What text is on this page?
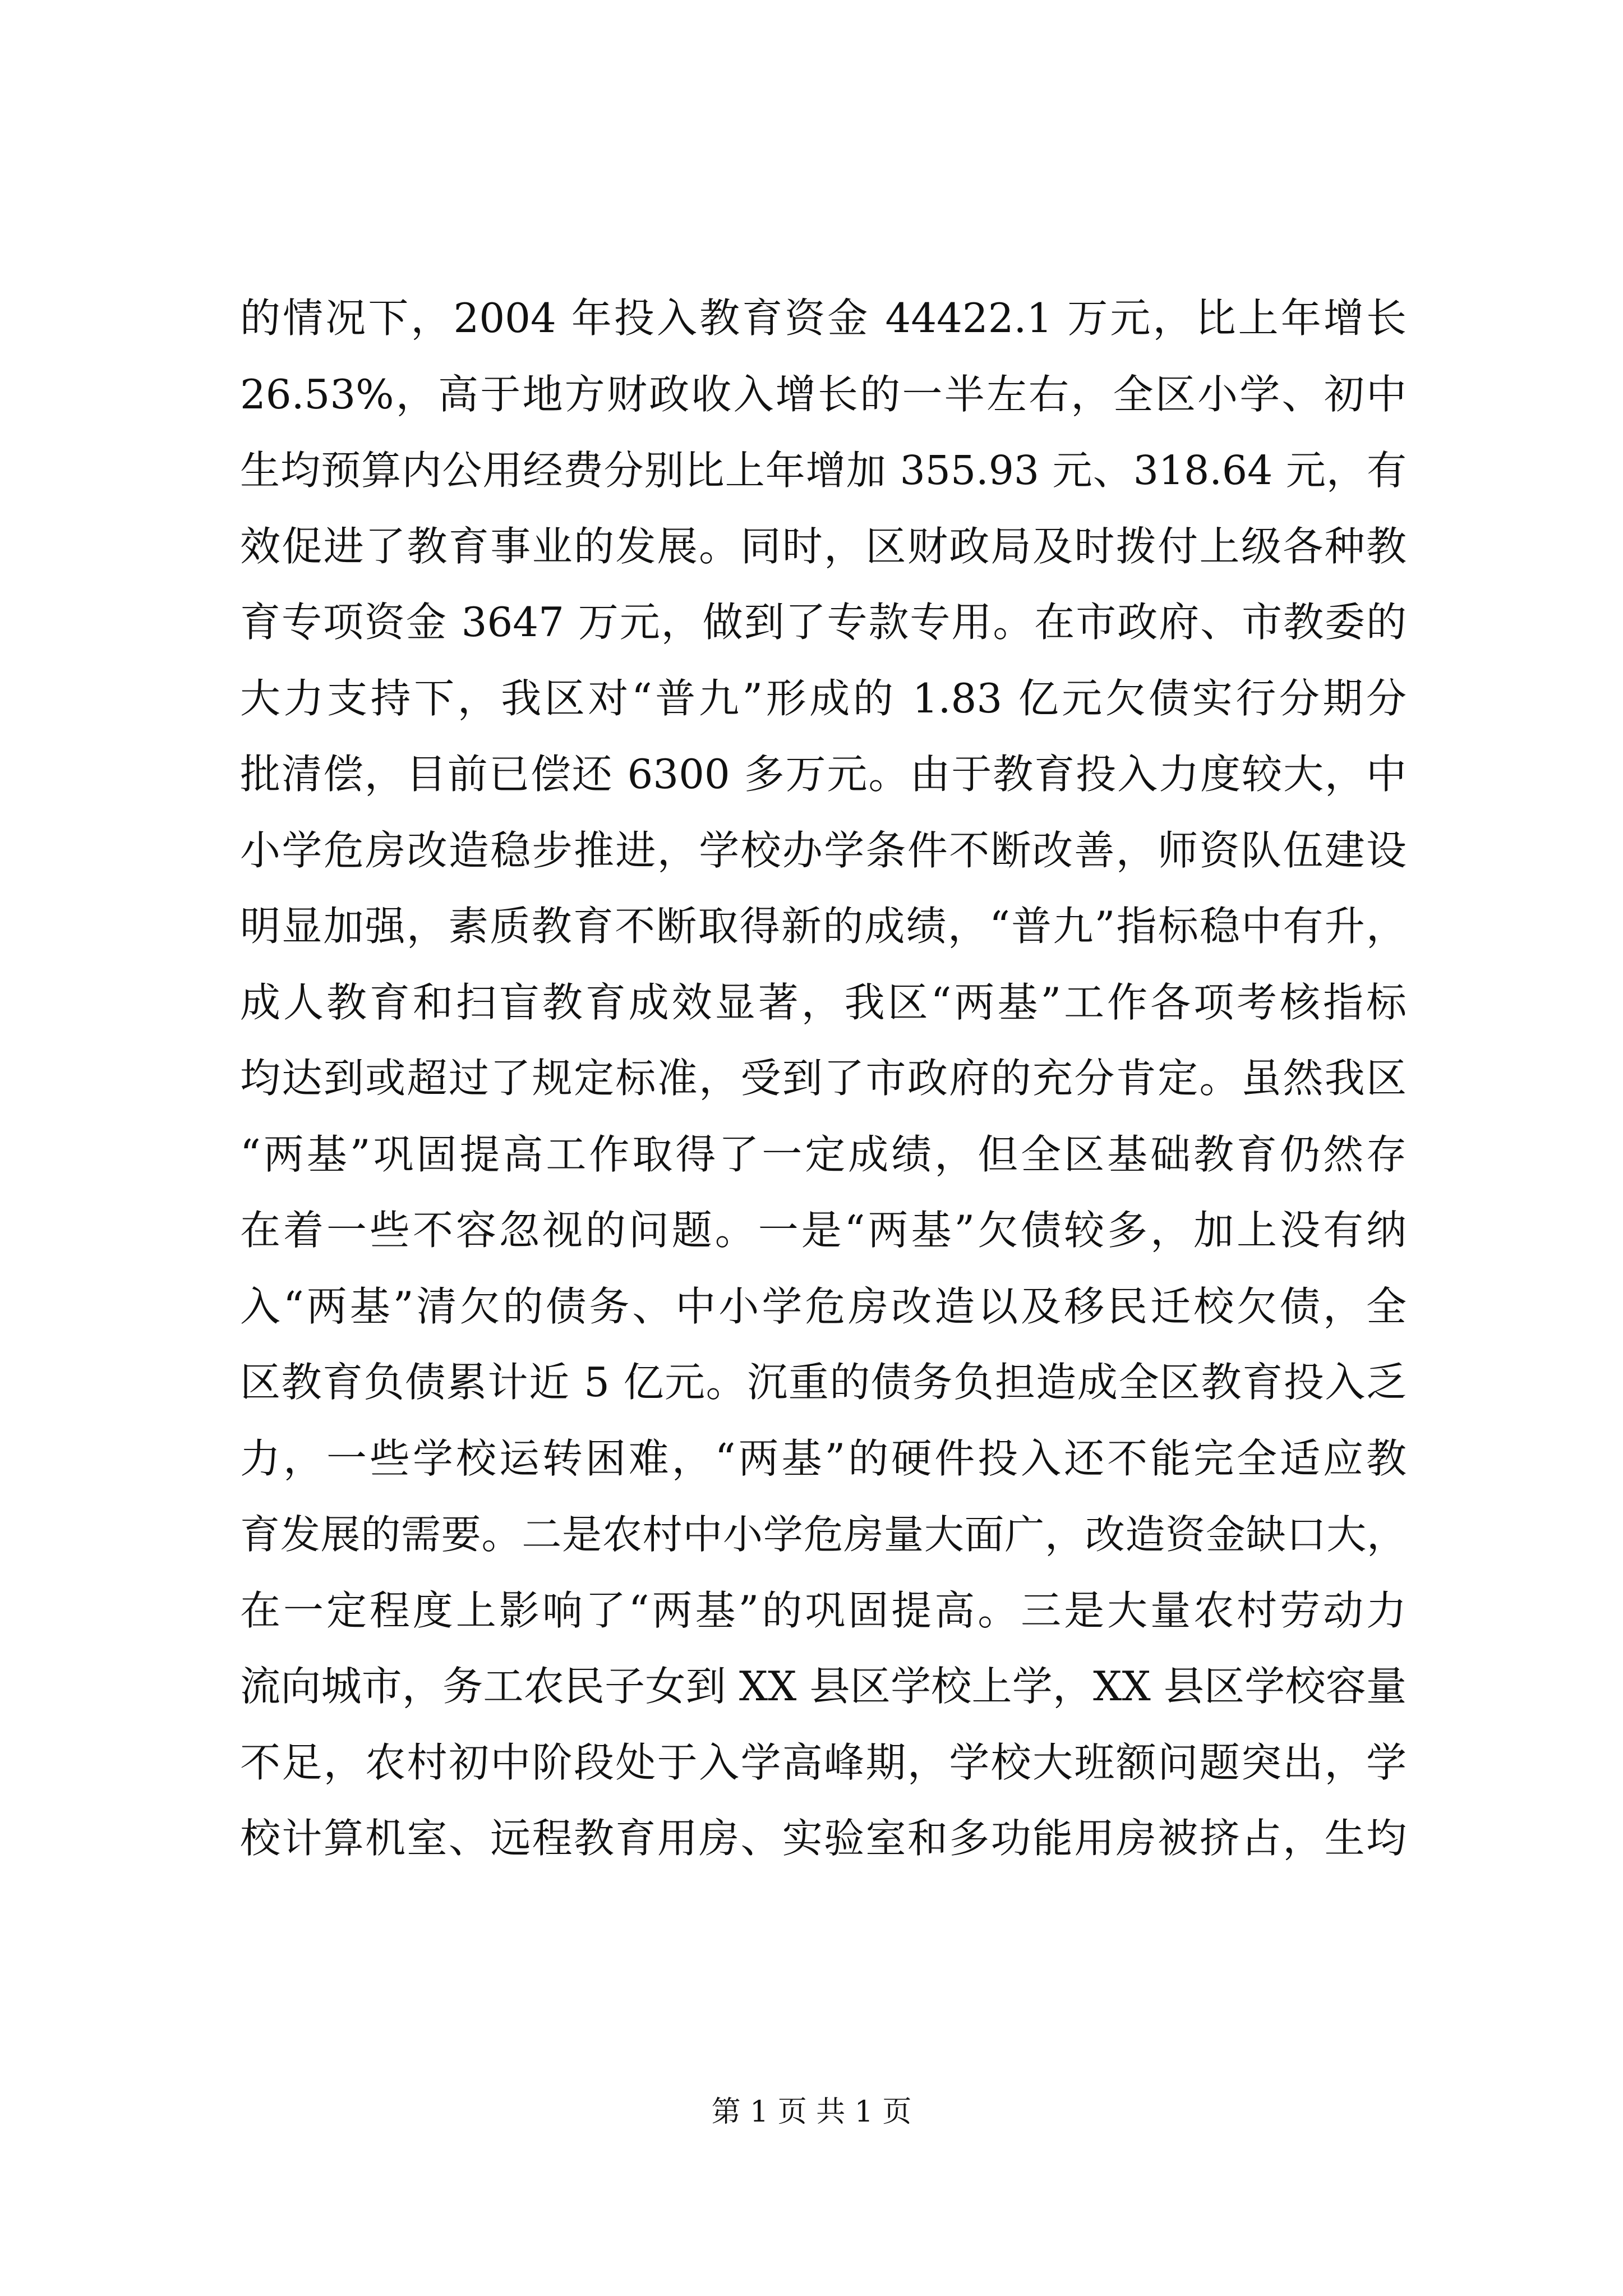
的情况下，2004 年投入教育资金 44422.1 万元，比上年增长
26.53%，高于地方财政收入增长的一半左右，全区小学、初中
生均预算内公用经费分别比上年增加 355.93 元、318.64 元，有
效促进了教育事业的发展。同时，区财政局及时拨付上级各种教
育专项资金 3647 万元，做到了专款专用。在市政府、市教委的
大力支持下，我区对“普九”形成的 1.83 亿元欠债实行分期分
批清偿，目前已偿还 6300 多万元。由于教育投入力度较大，中
小学危房改造稳步推进，学校办学条件不断改善，师资队伍建设
明显加强，素质教育不断取得新的成绩，“普九”指标稳中有升，
成人教育和扫盲教育成效显著，我区“两基”工作各项考核指标
均达到或超过了规定标准，受到了市政府的充分肯定。虽然我区
“两基”巩固提高工作取得了一定成绩，但全区基础教育仍然存
在着一些不容忽视的问题。一是“两基”欠债较多，加上没有纳
入“两基”清欠的债务、中小学危房改造以及移民迁校欠债，全
区教育负债累计近 5 亿元。沉重的债务负担造成全区教育投入乏
力，一些学校运转困难，“两基”的硬件投入还不能完全适应教
育发展的需要。二是农村中小学危房量大面广，改造资金缺口大，
在一定程度上影响了“两基”的巩固提高。三是大量农村劳动力
流向城市，务工农民子女到 XX 县区学校上学，XX 县区学校容量
不足，农村初中阶段处于入学高峰期，学校大班额问题突出，学
校计算机室、远程教育用房、实验室和多功能用房被挤占，生均
第 1 页 共 1 页
